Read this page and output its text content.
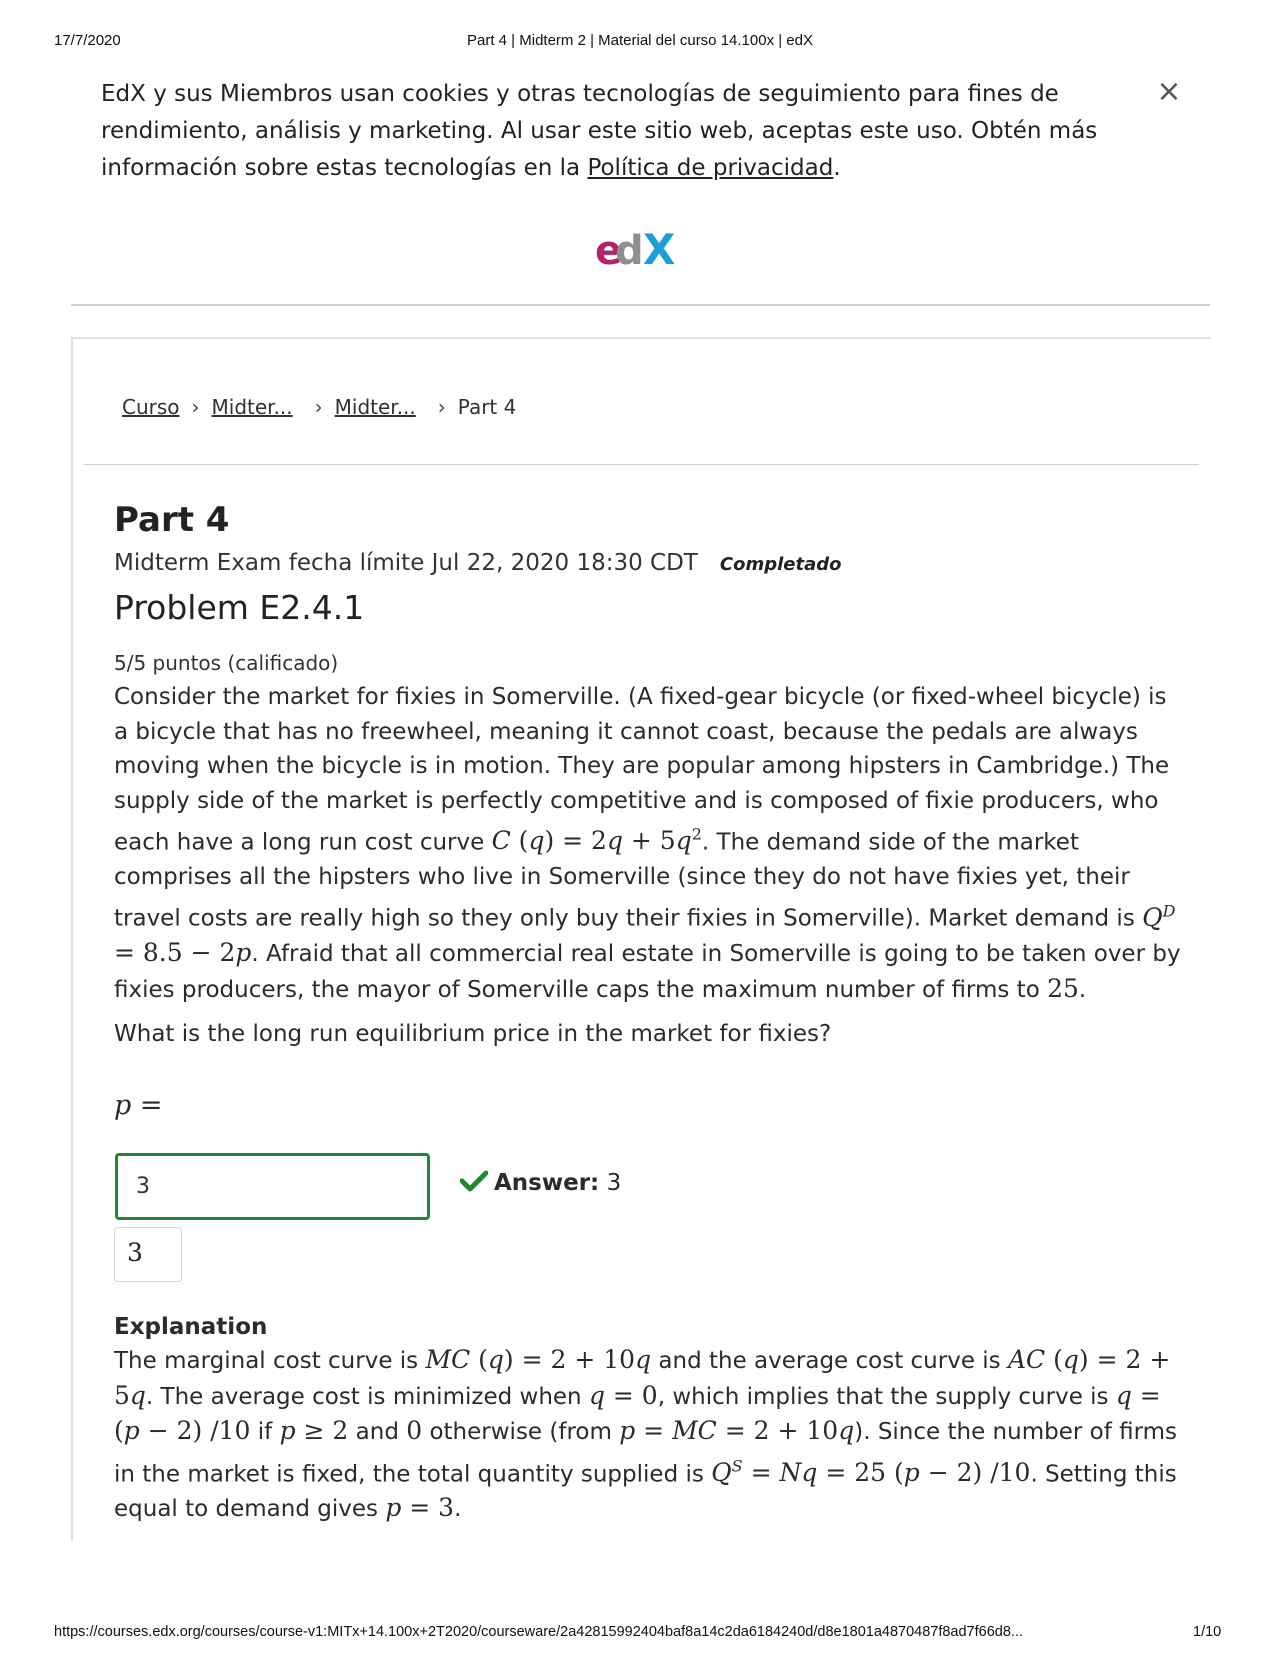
17/7/2020	Part 4 | Midterm 2 | Material del curso 14.100x | edX
EdX y sus Miembros usan cookies y otras tecnologías de seguimiento para fines de rendimiento, análisis y marketing. Al usar este sitio web, aceptas este uso. Obtén más información sobre estas tecnologías en la Política de privacidad.
×
e
d X
Curso › Midter... › Midter... › Part 4
Part 4
Midterm Exam fecha límite Jul 22, 2020 18:30 CDT Completado
Problem E2.4.1
5/5 puntos (calificado)
Consider the market for fixies in Somerville. (A fixed-gear bicycle (or fixed-wheel bicycle) is a bicycle that has no freewheel, meaning it cannot coast, because the pedals are always moving when the bicycle is in motion. They are popular among hipsters in Cambridge.) The supply side of the market is perfectly competitive and is composed of fixie producers, who each have a long run cost curve C $(q) = 2q + 5q^2$. The demand side of the market comprises all the hipsters who live in Somerville (since they do not have fixies yet, their travel costs are really high so they only buy their fixies in Somerville). Market demand is $Q^D = 8.5 - 2p$. Afraid that all commercial real estate in Somerville is going to be taken over by fixies producers, the mayor of Somerville caps the maximum number of firms to 25.
What is the long run equilibrium price in the market for fixies?
p =
3
3
Answer: 3
Explanation
The marginal cost curve is MC (q) = 2 + 10q and the average cost curve is AC (q) = 2 + 5q. The average cost is minimized when q = 0, which implies that the supply curve is q = (p − 2) /10 if p ≥ 2 and 0 otherwise (from p = MC = 2 + 10q). Since the number of firms in the market is fixed, the total quantity supplied is $Q^S = Nq = 25$ (p − 2) /10. Setting this equal to demand gives p = 3.
https://courses.edx.org/courses/course-v1:MITx+14.100x+2T2020/courseware/2a42815992404baf8a14c2da6184240d/d8e1801a4870487f8ad7f66d8...	1/10
